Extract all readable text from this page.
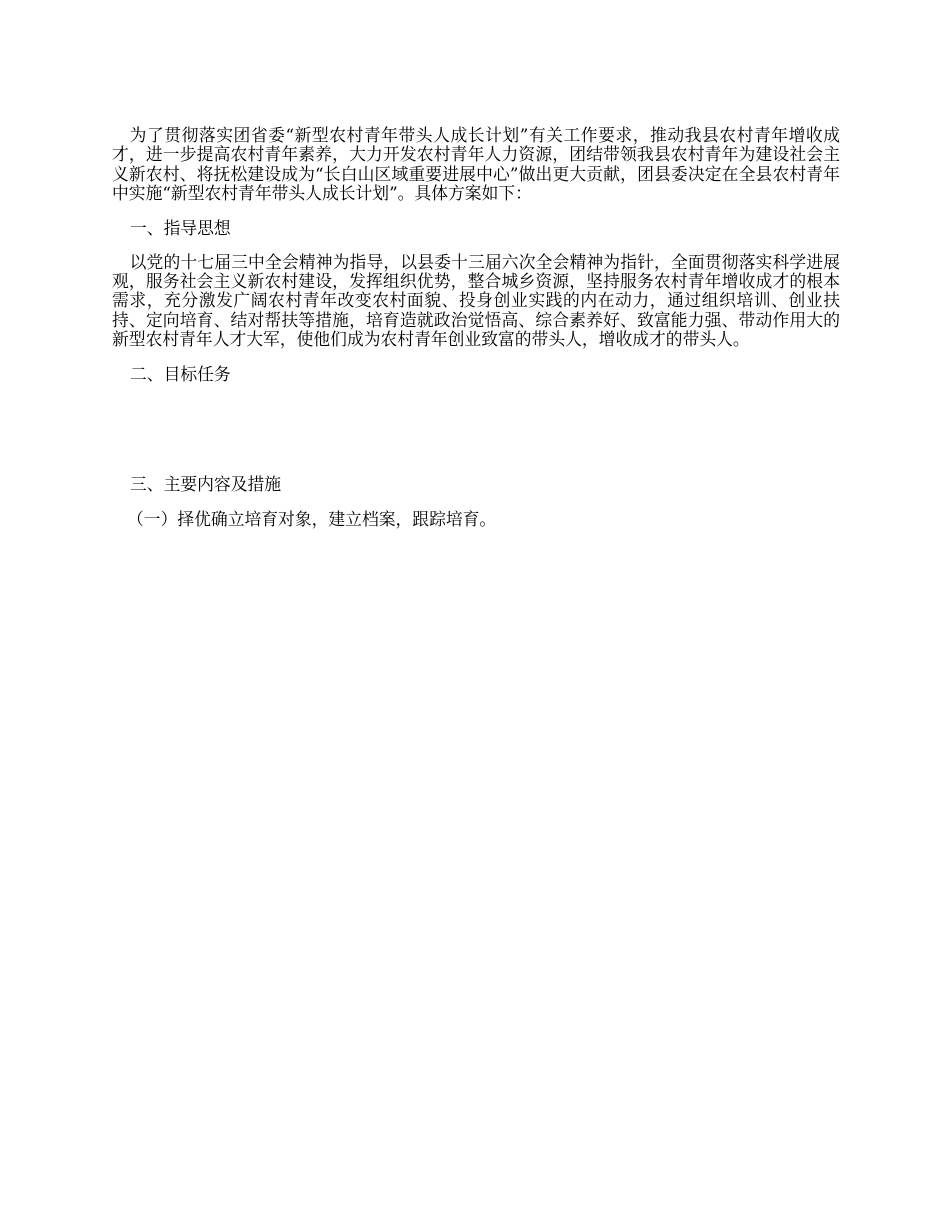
为了贯彻落实团省委“新型农村青年带头人成长计划”有关工作要求，推动我县农村青年增收成才，进一步提高农村青年素养，大力开发农村青年人力资源，团结带领我县农村青年为建设社会主义新农村、将抚松建设成为“长白山区域重要进展中心”做出更大贡献，团县委决定在全县农村青年中实施“新型农村青年带头人成长计划”。具体方案如下：

一、指导思想

以党的十七届三中全会精神为指导，以县委十三届六次全会精神为指针，全面贯彻落实科学进展观，服务社会主义新农村建设，发挥组织优势，整合城乡资源，坚持服务农村青年增收成才的根本需求，充分激发广阔农村青年改变农村面貌、投身创业实践的内在动力，通过组织培训、创业扶持、定向培育、结对帮扶等措施，培育造就政治觉悟高、综合素养好、致富能力强、带动作用大的新型农村青年人才大军，使他们成为农村青年创业致富的带头人，增收成才的带头人。

二、目标任务
三、主要内容及措施
（一）择优确立培育对象，建立档案，跟踪培育。
